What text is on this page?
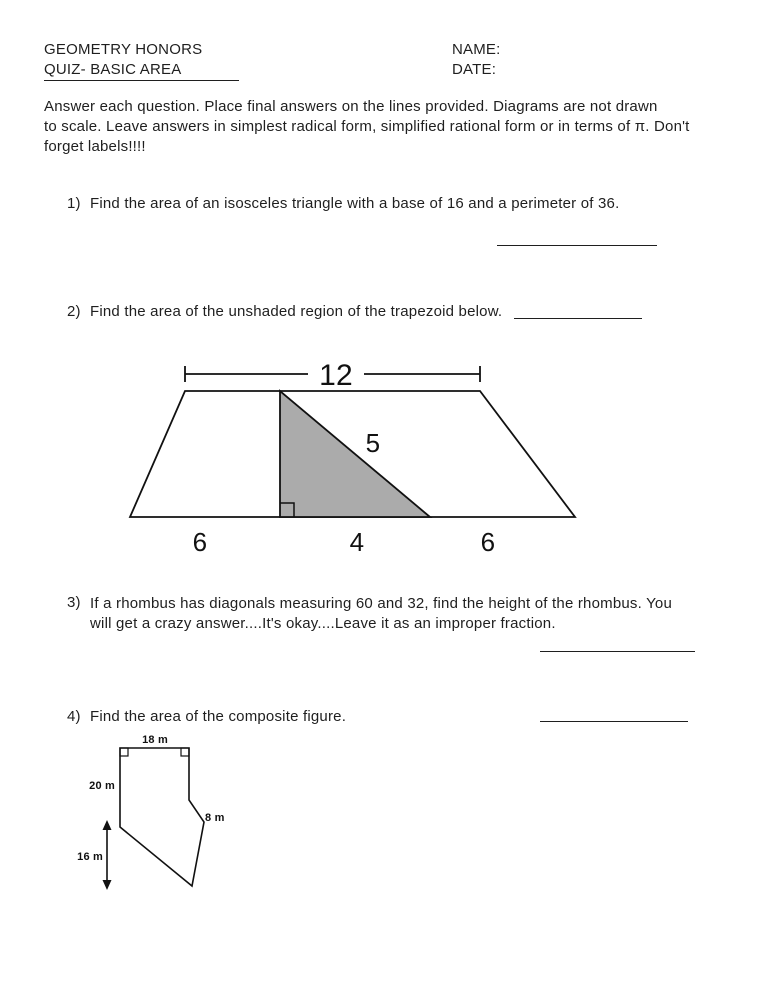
GEOMETRY HONORS	NAME:
QUIZ- BASIC AREA	DATE:
Answer each question. Place final answers on the lines provided. Diagrams are not drawn
to scale. Leave answers in simplest radical form, simplified rational form or in terms of π. Don't
forget labels!!!!
1) Find the area of an isosceles triangle with a base of 16 and a perimeter of 36.
2) Find the area of the unshaded region of the trapezoid below.
12
5
6	4	6
3) If a rhombus has diagonals measuring 60 and 32, find the height of the rhombus. You
will get a crazy answer....It's okay....Leave it as an improper fraction.
4) Find the area of the composite figure.
18 m
20 m
8 m
16 m
